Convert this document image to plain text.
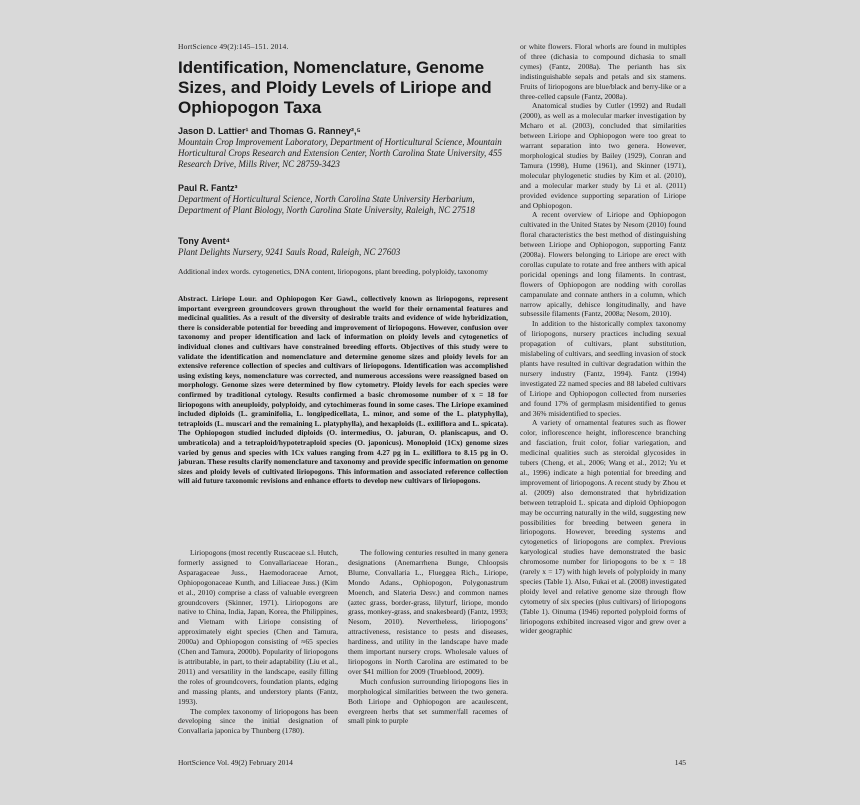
HortScience 49(2):145–151. 2014.
Identification, Nomenclature, Genome Sizes, and Ploidy Levels of Liriope and Ophiopogon Taxa
Jason D. Lattier¹ and Thomas G. Ranney²,⁵
Mountain Crop Improvement Laboratory, Department of Horticultural Science, Mountain Horticultural Crops Research and Extension Center, North Carolina State University, 455 Research Drive, Mills River, NC 28759-3423
Paul R. Fantz³
Department of Horticultural Science, North Carolina State University Herbarium, Department of Plant Biology, North Carolina State University, Raleigh, NC 27518
Tony Avent⁴
Plant Delights Nursery, 9241 Sauls Road, Raleigh, NC 27603
Additional index words. cytogenetics, DNA content, liriopogons, plant breeding, polyploidy, taxonomy
Abstract. Liriope Lour. and Ophiopogon Ker Gawl., collectively known as liriopogons, represent important evergreen groundcovers grown throughout the world for their ornamental features and medicinal qualities. As a result of the diversity of desirable traits and evidence of wide hybridization, there is considerable potential for breeding and improvement of liriopogons. However, confusion over taxonomy and proper identification and lack of information on ploidy levels and cytogenetics of individual clones and cultivars have constrained breeding efforts. Objectives of this study were to validate the identification and nomenclature and determine genome sizes and ploidy levels for an extensive reference collection of species and cultivars of liriopogons. Identification was accomplished using existing keys, nomenclature was corrected, and numerous accessions were reassigned based on morphology. Genome sizes were determined by flow cytometry. Ploidy levels for each species were confirmed by traditional cytology. Results confirmed a basic chromosome number of x = 18 for liriopogons with aneuploidy, polyploidy, and cytochimeras found in some cases. The Liriope examined included diploids (L. graminifolia, L. longipedicellata, L. minor, and some of the L. platyphylla), tetraploids (L. muscari and the remaining L. platyphylla), and hexaploids (L. exiliflora and L. spicata). The Ophiopogon studied included diploids (O. intermedius, O. jaburan, O. planiscapus, and O. umbraticola) and a tetraploid/hypotetraploid species (O. japonicus). Monoploid (1Cx) genome sizes varied by genus and species with 1Cx values ranging from 4.27 pg in L. exiliflora to 8.15 pg in O. jaburan. These results clarify nomenclature and taxonomy and provide specific information on genome sizes and ploidy levels of cultivated liriopogons. This information and associated reference collection will aid future taxonomic revisions and enhance efforts to develop new cultivars of liriopogons.

Liriopogons (most recently Ruscaceae s.l. Hutch, formerly assigned to Convallariaceae Horan., Asparagaceae Juss., Haemodoraceae Arnot, Ophiopogonaceae Kunth, and Liliaceae Juss.) (Kim et al., 2010) comprise a class of valuable evergreen groundcovers (Skinner, 1971). Liriopogons are native to China, India, Japan, Korea, the Philippines, and Vietnam with Liriope consisting of approximately eight species (Chen and Tamura, 2000a) and Ophiopogon consisting of ≈65 species (Chen and Tamura, 2000b). Popularity of liriopogons is attributable, in part, to their adaptability (Liu et al., 2011) and versatility in the landscape, easily filling the roles of groundcovers, foundation plants, edging and massing plants, and understory plants (Fantz, 1993).

The complex taxonomy of liriopogons has been developing since the initial designation of Convallaria japonica by Thunberg (1780).

The following centuries resulted in many genera designations (Anemarrhena Bunge, Chloopsis Blume, Convallaria L., Flueggea Rich., Liriope, Mondo Adans., Ophiopogon, Polygonastrum Moench, and Slateria Desv.) and common names (aztec grass, border-grass, lilyturf, liriope, mondo grass, monkey-grass, and snakesbeard) (Fantz, 1993; Nesom, 2010). Nevertheless, liriopogons’ attractiveness, resistance to pests and diseases, hardiness, and utility in the landscape have made them important nursery crops. Wholesale values of liriopogons in North Carolina are estimated to be over $41 million for 2009 (Trueblood, 2009).

Much confusion surrounding liriopogons lies in morphological similarities between the two genera. Both Liriope and Ophiopogon are acaulescent, evergreen herbs that set summer/fall racemes of small pink to purple

or white flowers. Floral whorls are found in multiples of three (dichasia to compound dichasia to small cymes) (Fantz, 2008a). The perianth has six indistinguishable sepals and petals and six stamens. Fruits of liriopogons are blue/black and berry-like or a three-celled capsule (Fantz, 2008a).

Anatomical studies by Cutler (1992) and Rudall (2000), as well as a molecular marker investigation by Mcharo et al. (2003), concluded that similarities between Liriope and Ophiopogon were too great to warrant separation into two genera. However, morphological studies by Bailey (1929), Conran and Tamura (1998), Hume (1961), and Skinner (1971), molecular phylogenetic studies by Kim et al. (2010), and a molecular marker study by Li et al. (2011) provided evidence supporting separation of Liriope and Ophiopogon.

A recent overview of Liriope and Ophiopogon cultivated in the United States by Nesom (2010) found floral characteristics the best method of distinguishing between Liriope and Ophiopogon, supporting Fantz (2008a). Flowers belonging to Liriope are erect with corollas cupulate to rotate and free anthers with apical poricidal openings and long filaments. In contrast, flowers of Ophiopogon are nodding with corollas campanulate and connate anthers in a column, which narrow apically, dehisce longitudinally, and have subsessile filaments (Fantz, 2008a; Nesom, 2010).

In addition to the historically complex taxonomy of liriopogons, nursery practices including sexual propagation of cultivars, plant substitution, mislabeling of cultivars, and seedling invasion of stock plants have resulted in cultivar degradation within the nursery industry (Fantz, 1994). Fantz (1994) investigated 22 named species and 88 labeled cultivars of Liriope and Ophiopogon collected from nurseries and found 17% of germplasm misidentified to genus and 36% misidentified to species.

A variety of ornamental features such as flower color, inflorescence height, inflorescence branching and fasciation, fruit color, foliar variegation, and medicinal qualities such as steroidal glycosides in tubers (Cheng, et al., 2006; Wang et al., 2012; Yu et al., 1996) indicate a high potential for breeding and improvement of liriopogons. A recent study by Zhou et al. (2009) also demonstrated that hybridization between tetraploid L. spicata and diploid Ophiopogon may be occurring naturally in the wild, suggesting new possibilities for breeding between genera in liriopogons. However, breeding systems and cytogenetics of liriopogons are complex. Previous karyological studies have demonstrated the basic chromosome number for liriopogons to be x = 18 (rarely x = 17) with high levels of polyploidy in many species (Table 1). Also, Fukai et al. (2008) investigated ploidy level and relative genome size through flow cytometry of six species (plus cultivars) of liriopogons (Table 1). Oinuma (1946) reported polyploid forms of liriopogons exhibited increased vigor and grew over a wider geographic

HortScience Vol. 49(2) February 2014	145
